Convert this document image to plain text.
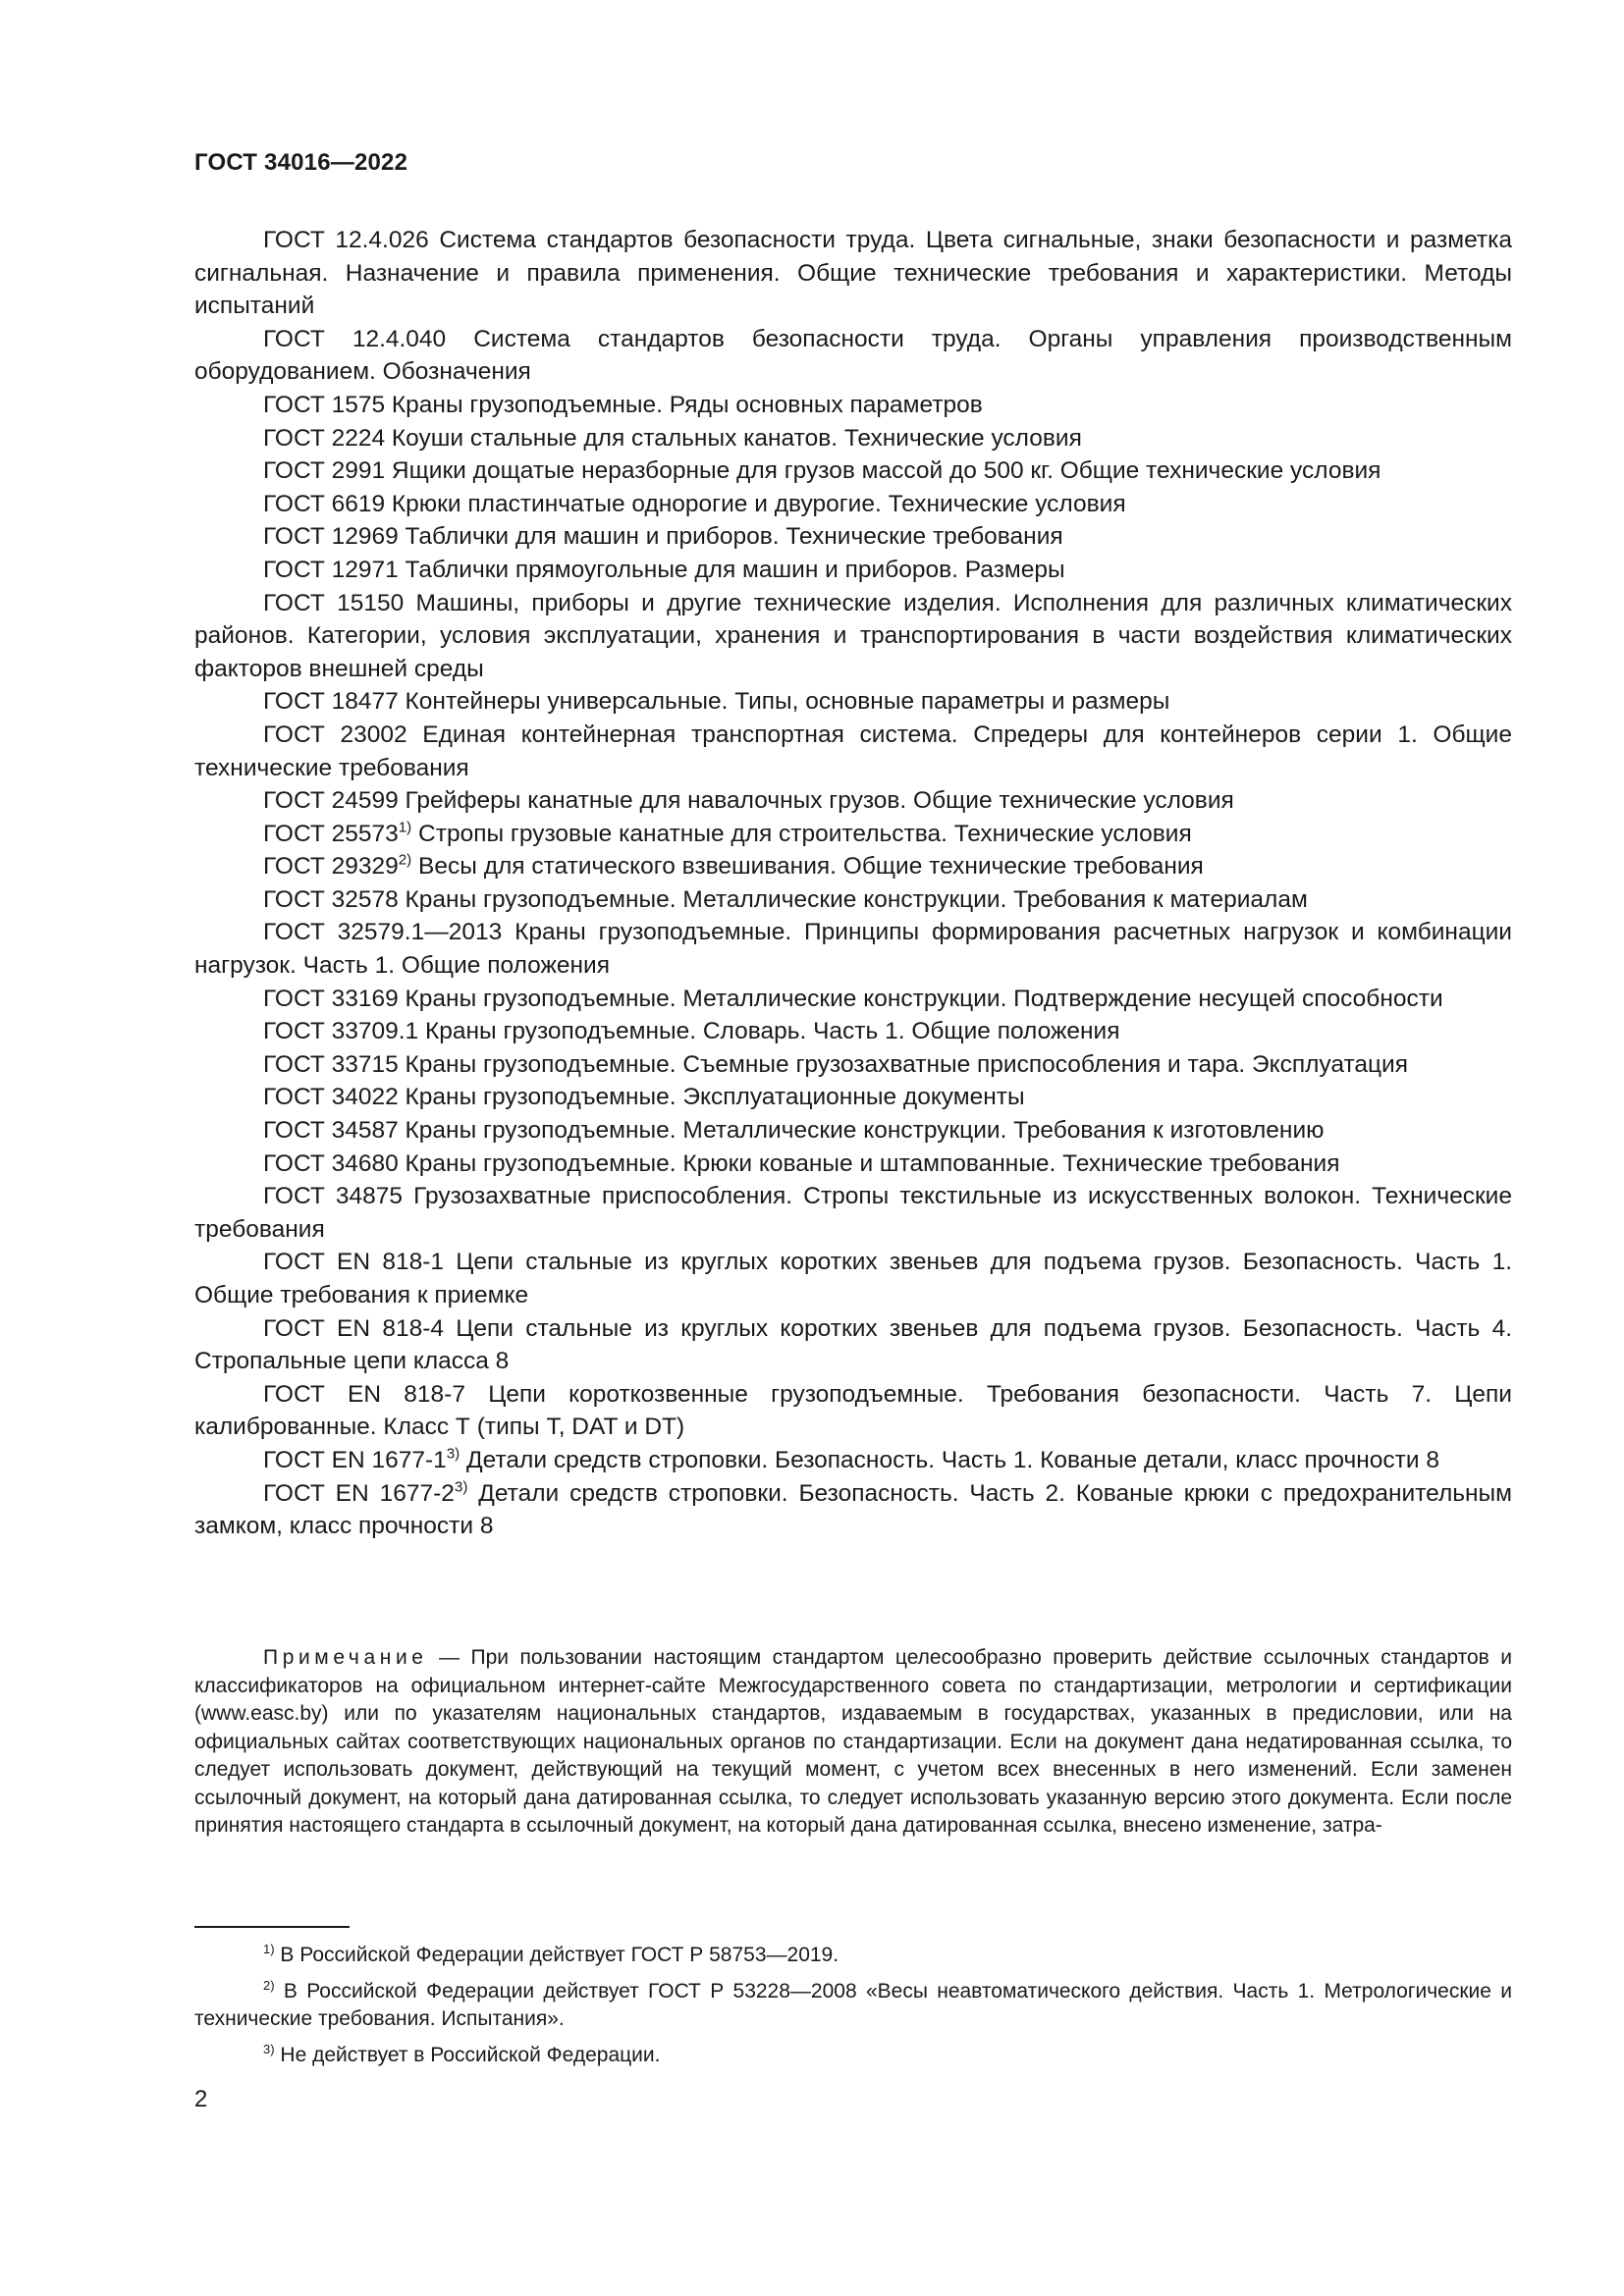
ГОСТ 34016—2022

ГОСТ 12.4.026 Система стандартов безопасности труда. Цвета сигнальные, знаки безопасности и разметка сигнальная. Назначение и правила применения. Общие технические требования и характеристики. Методы испытаний

ГОСТ 12.4.040 Система стандартов безопасности труда. Органы управления производственным оборудованием. Обозначения

ГОСТ 1575 Краны грузоподъемные. Ряды основных параметров

ГОСТ 2224 Коуши стальные для стальных канатов. Технические условия

ГОСТ 2991 Ящики дощатые неразборные для грузов массой до 500 кг. Общие технические условия

ГОСТ 6619 Крюки пластинчатые однорогие и двурогие. Технические условия

ГОСТ 12969 Таблички для машин и приборов. Технические требования

ГОСТ 12971 Таблички прямоугольные для машин и приборов. Размеры

ГОСТ 15150 Машины, приборы и другие технические изделия. Исполнения для различных климатических районов. Категории, условия эксплуатации, хранения и транспортирования в части воздействия климатических факторов внешней среды

ГОСТ 18477 Контейнеры универсальные. Типы, основные параметры и размеры

ГОСТ 23002 Единая контейнерная транспортная система. Спредеры для контейнеров серии 1. Общие технические требования

ГОСТ 24599 Грейферы канатные для навалочных грузов. Общие технические условия

ГОСТ 25573$^{1)}$ Стропы грузовые канатные для строительства. Технические условия

ГОСТ 29329$^{2)}$ Весы для статического взвешивания. Общие технические требования

ГОСТ 32578 Краны грузоподъемные. Металлические конструкции. Требования к материалам

ГОСТ 32579.1—2013 Краны грузоподъемные. Принципы формирования расчетных нагрузок и комбинации нагрузок. Часть 1. Общие положения

ГОСТ 33169 Краны грузоподъемные. Металлические конструкции. Подтверждение несущей способности

ГОСТ 33709.1 Краны грузоподъемные. Словарь. Часть 1. Общие положения

ГОСТ 33715 Краны грузоподъемные. Съемные грузозахватные приспособления и тара. Эксплуатация

ГОСТ 34022 Краны грузоподъемные. Эксплуатационные документы

ГОСТ 34587 Краны грузоподъемные. Металлические конструкции. Требования к изготовлению

ГОСТ 34680 Краны грузоподъемные. Крюки кованые и штампованные. Технические требования

ГОСТ 34875 Грузозахватные приспособления. Стропы текстильные из искусственных волокон. Технические требования

ГОСТ EN 818-1 Цепи стальные из круглых коротких звеньев для подъема грузов. Безопасность. Часть 1. Общие требования к приемке

ГОСТ EN 818-4 Цепи стальные из круглых коротких звеньев для подъема грузов. Безопасность. Часть 4. Стропальные цепи класса 8

ГОСТ EN 818-7 Цепи короткозвенные грузоподъемные. Требования безопасности. Часть 7. Цепи калиброванные. Класс Т (типы T, DAT и DT)

ГОСТ EN 1677-1$^{3)}$ Детали средств строповки. Безопасность. Часть 1. Кованые детали, класс прочности 8

ГОСТ EN 1677-2$^{3)}$ Детали средств строповки. Безопасность. Часть 2. Кованые крюки с предохранительным замком, класс прочности 8

Примечание — При пользовании настоящим стандартом целесообразно проверить действие ссылочных стандартов и классификаторов на официальном интернет-сайте Межгосударственного совета по стандартизации, метрологии и сертификации (www.easc.by) или по указателям национальных стандартов, издаваемым в государствах, указанных в предисловии, или на официальных сайтах соответствующих национальных органов по стандартизации. Если на документ дана недатированная ссылка, то следует использовать документ, действующий на текущий момент, с учетом всех внесенных в него изменений. Если заменен ссылочный документ, на который дана датированная ссылка, то следует использовать указанную версию этого документа. Если после принятия настоящего стандарта в ссылочный документ, на который дана датированная ссылка, внесено изменение, затра-

$^{1)}$ В Российской Федерации действует ГОСТ Р 58753—2019.

$^{2)}$ В Российской Федерации действует ГОСТ Р 53228—2008 «Весы неавтоматического действия. Часть 1. Метрологические и технические требования. Испытания».

$^{3)}$ Не действует в Российской Федерации.

2
